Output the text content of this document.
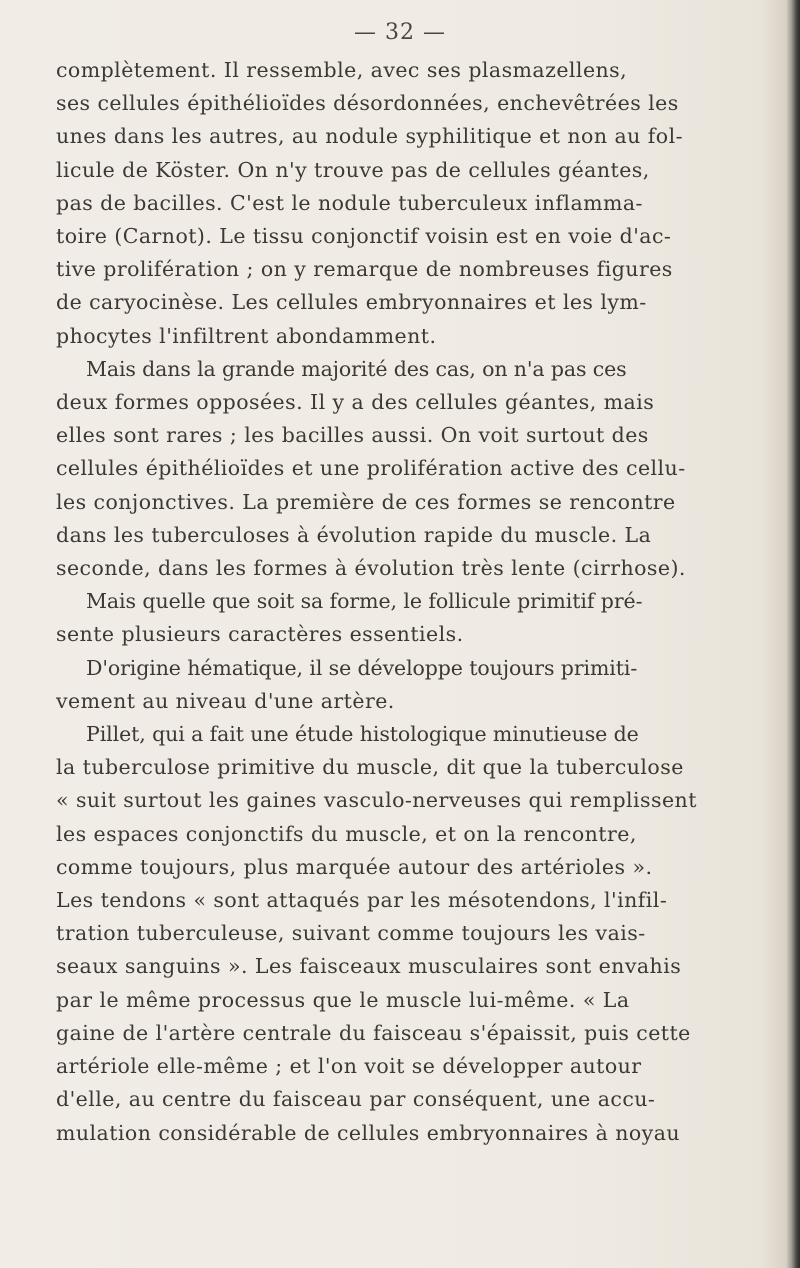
— 32 —

complètement. Il ressemble, avec ses plasmazellens,
ses cellules épithélioïdes désordonnées, enchevêtrées les
unes dans les autres, au nodule syphilitique et non au fol-
licule de Köster. On n'y trouve pas de cellules géantes,
pas de bacilles. C'est le nodule tuberculeux inflamma-
toire (Carnot). Le tissu conjonctif voisin est en voie d'ac-
tive prolifération ; on y remarque de nombreuses figures
de caryocinèse. Les cellules embryonnaires et les lym-
phocytes l'infiltrent abondamment.

Mais dans la grande majorité des cas, on n'a pas ces
deux formes opposées. Il y a des cellules géantes, mais
elles sont rares ; les bacilles aussi. On voit surtout des
cellules épithélioïdes et une prolifération active des cellu-
les conjonctives. La première de ces formes se rencontre
dans les tuberculoses à évolution rapide du muscle. La
seconde, dans les formes à évolution très lente (cirrhose).

Mais quelle que soit sa forme, le follicule primitif pré-
sente plusieurs caractères essentiels.

D'origine hématique, il se développe toujours primiti-
vement au niveau d'une artère.

Pillet, qui a fait une étude histologique minutieuse de
la tuberculose primitive du muscle, dit que la tuberculose
« suit surtout les gaines vasculo-nerveuses qui remplissent
les espaces conjonctifs du muscle, et on la rencontre,
comme toujours, plus marquée autour des artérioles ».
Les tendons « sont attaqués par les mésotendons, l'infil-
tration tuberculeuse, suivant comme toujours les vais-
seaux sanguins ». Les faisceaux musculaires sont envahis
par le même processus que le muscle lui-même. « La
gaine de l'artère centrale du faisceau s'épaissit, puis cette
artériole elle-même ; et l'on voit se développer autour
d'elle, au centre du faisceau par conséquent, une accu-
mulation considérable de cellules embryonnaires à noyau
